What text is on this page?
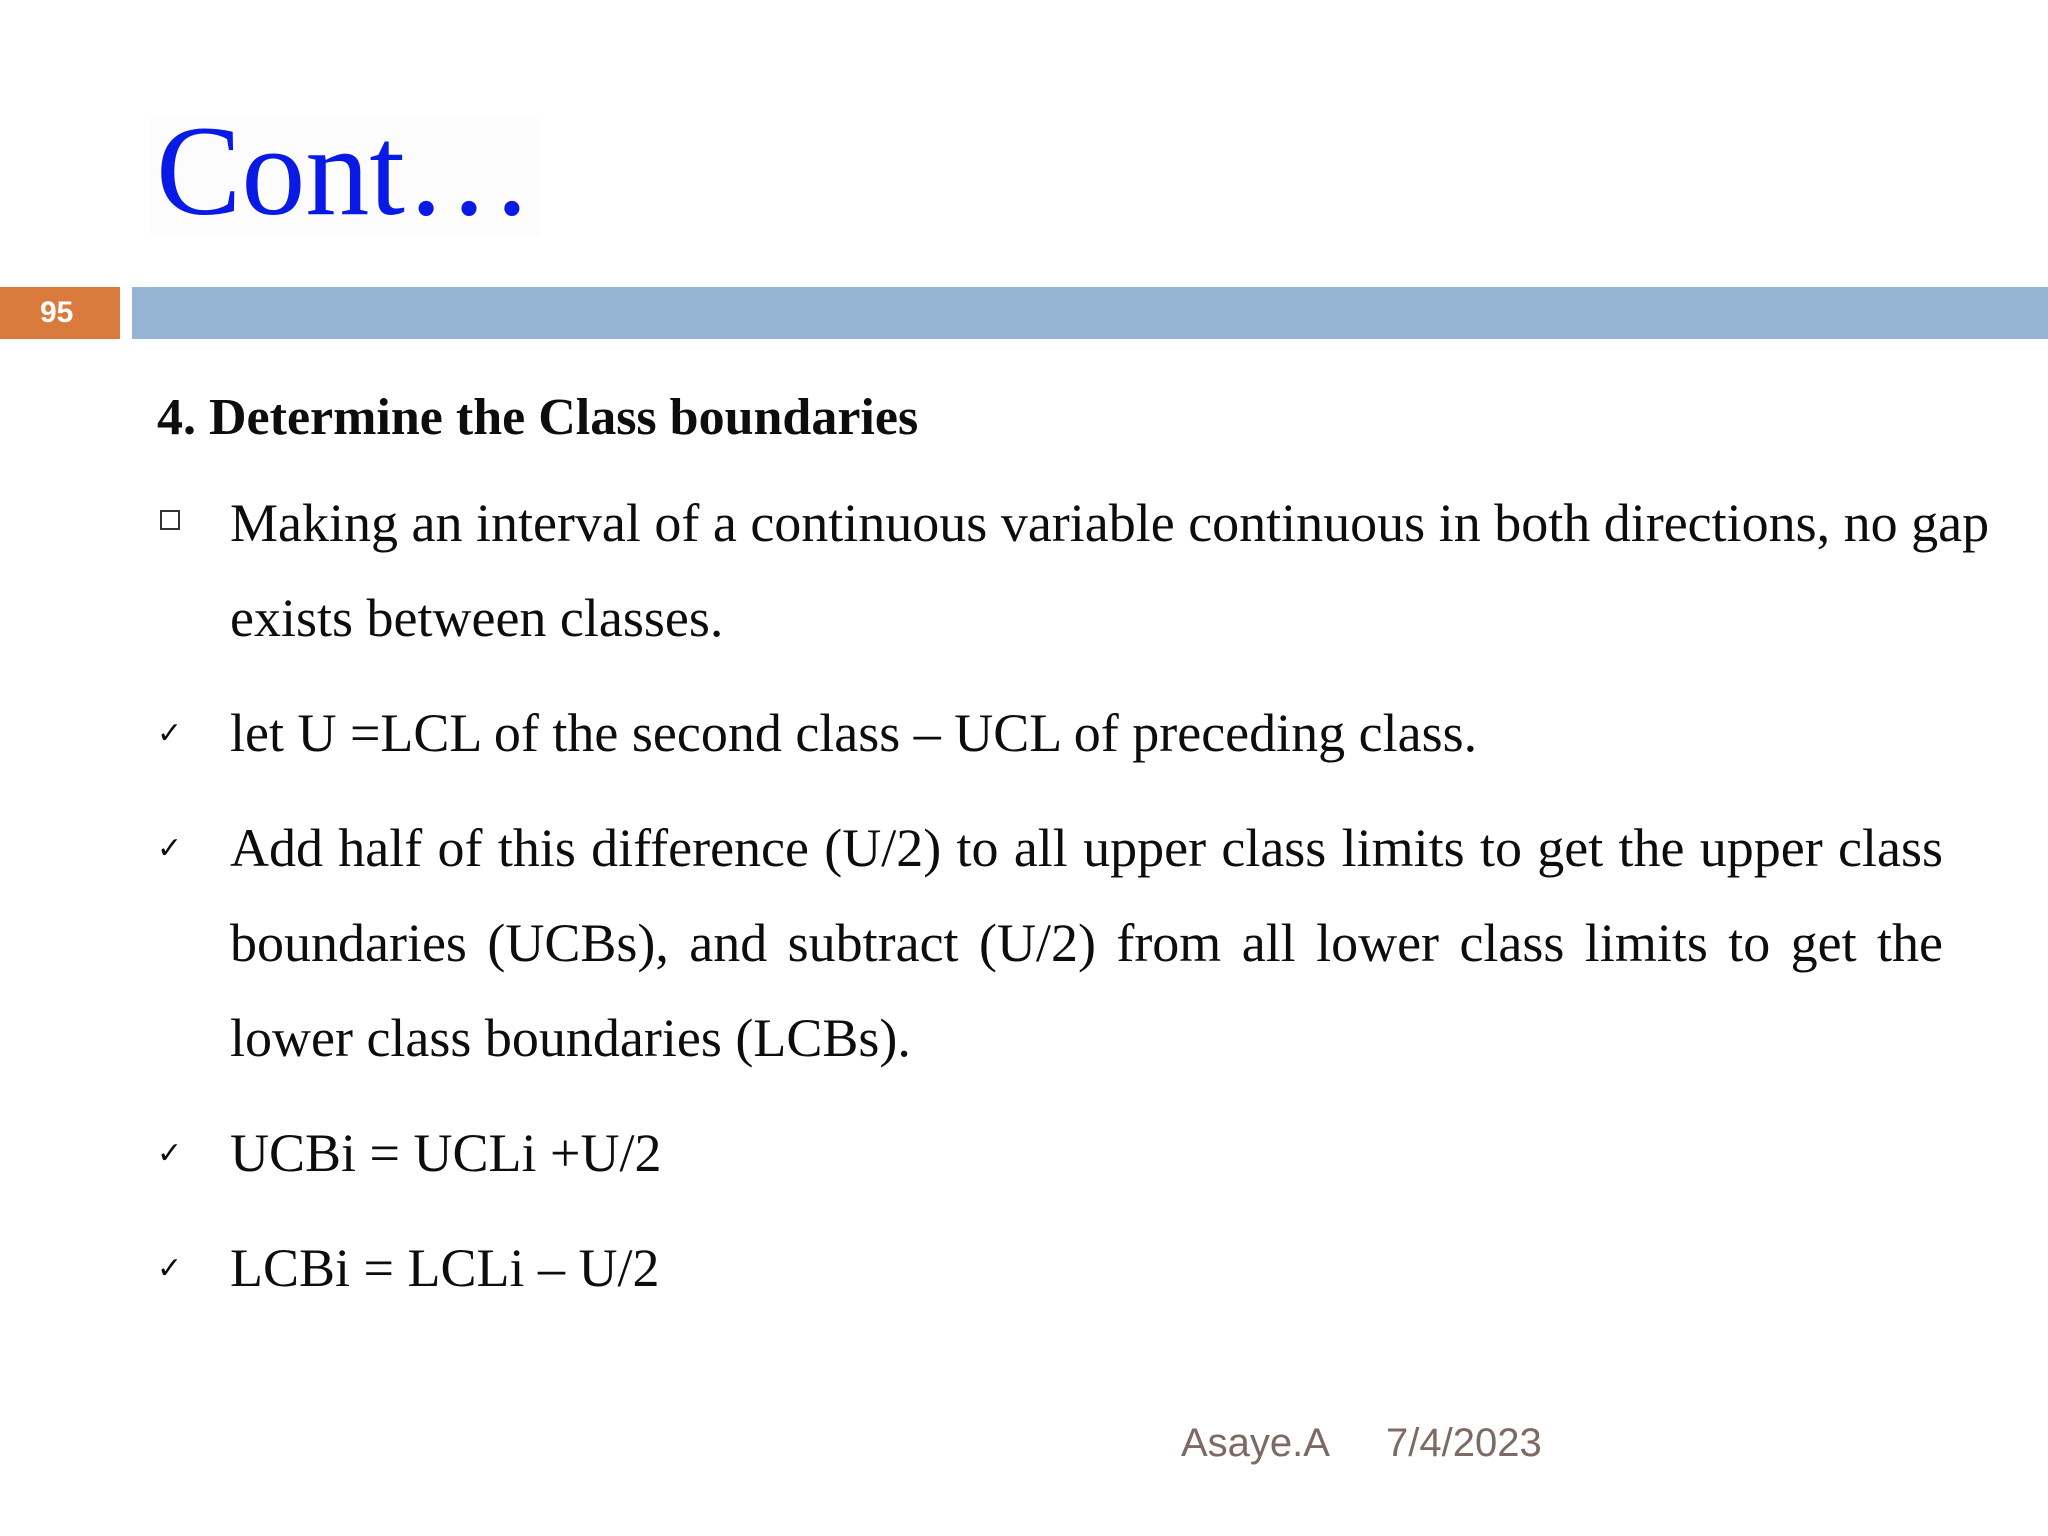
Cont…
95
4. Determine the Class boundaries
Making an interval of a continuous variable continuous in both directions, no gap exists between classes.
✓ let U =LCL of the second class – UCL of preceding class.
✓ Add half of this difference (U/2) to all upper class limits to get the upper class boundaries (UCBs), and subtract (U/2) from all lower class limits to get the lower class boundaries (LCBs).
✓ UCBi = UCLi +U/2
✓ LCBi = LCLi – U/2
Asaye.A 7/4/2023
